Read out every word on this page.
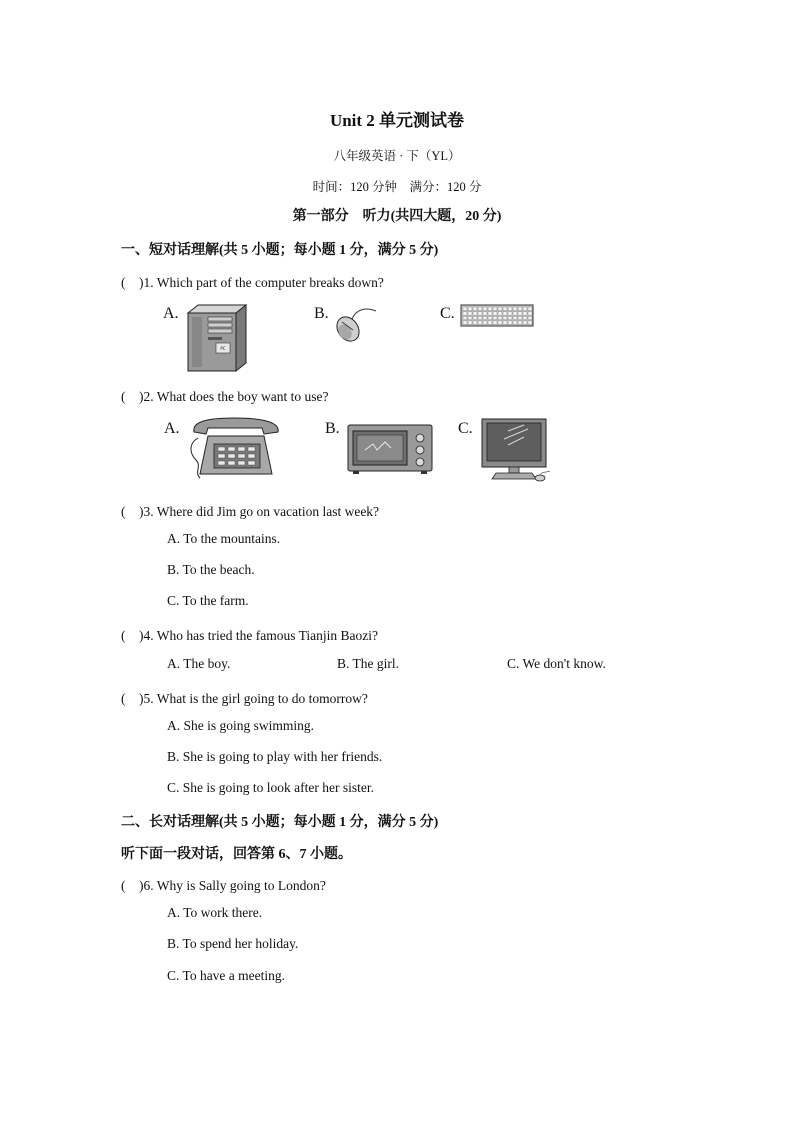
Unit 2 单元测试卷
八年级英语 · 下（YL）
时间：120 分钟　满分：120 分
第一部分　听力(共四大题，20 分)
一、短对话理解(共 5 小题；每小题 1 分，满分 5 分)
(　)1. Which part of the computer breaks down?
A.
PC
B.	C.
(　)2. What does the boy want to use?
A.	B.	C.
(　)3. Where did Jim go on vacation last week?
A. To the mountains.
B. To the beach.
C. To the farm.
(　)4. Who has tried the famous Tianjin Baozi?
A. The boy.	B. The girl.	C. We don't know.
(　)5. What is the girl going to do tomorrow?
A. She is going swimming.
B. She is going to play with her friends.
C. She is going to look after her sister.
二、长对话理解(共 5 小题；每小题 1 分，满分 5 分)
听下面一段对话，回答第 6、7 小题。
(　)6. Why is Sally going to London?
A. To work there.
B. To spend her holiday.
C. To have a meeting.
